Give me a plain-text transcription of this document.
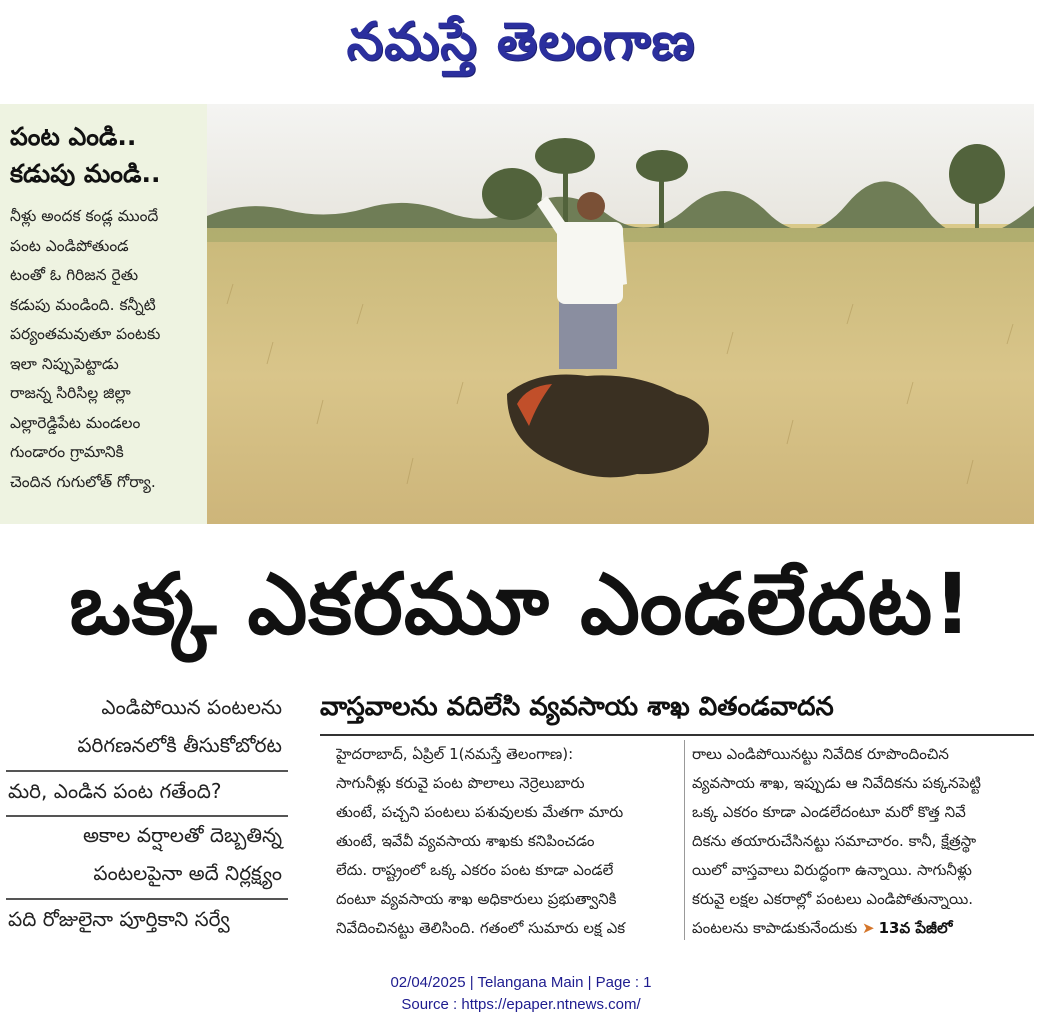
నమస్తే తెలంగాణ
పంట ఎండి..
కడుపు మండి..
నీళ్లు అందక కండ్ల ముందే
పంట ఎండిపోతుండ
టంతో ఓ గిరిజన రైతు
కడుపు మండింది. కన్నీటి
పర్యంతమవుతూ పంటకు
ఇలా నిప్పుపెట్టాడు
రాజన్న సిరిసిల్ల జిల్లా
ఎల్లారెడ్డిపేట మండలం
గుండారం గ్రామానికి
చెందిన గుగులోత్ గోర్యా.
ఒక్క ఎకరమూ ఎండలేదట!
ఎండిపోయిన పంటలను
పరిగణనలోకి తీసుకోబోరట
మరి, ఎండిన పంట గతేంది?
అకాల వర్షాలతో దెబ్బతిన్న
పంటలపైనా అదే నిర్లక్ష్యం
పది రోజులైనా పూర్తికాని సర్వే
వాస్తవాలను వదిలేసి వ్యవసాయ శాఖ వితండవాదన
హైదరాబాద్, ఏప్రిల్ 1(నమస్తే తెలంగాణ):
సాగునీళ్లు కరువై పంట పొలాలు నెర్రెలుబారు
తుంటే, పచ్చని పంటలు పశువులకు మేతగా మారు
తుంటే, ఇవేవీ వ్యవసాయ శాఖకు కనిపించడం
లేదు. రాష్ట్రంలో ఒక్క ఎకరం పంట కూడా ఎండలే
దంటూ వ్యవసాయ శాఖ అధికారులు ప్రభుత్వానికి
నివేదించినట్టు తెలిసింది. గతంలో సుమారు లక్ష ఎక
రాలు ఎండిపోయినట్టు నివేదిక రూపొందించిన
వ్యవసాయ శాఖ, ఇప్పుడు ఆ నివేదికను పక్కనపెట్టి
ఒక్క ఎకరం కూడా ఎండలేదంటూ మరో కొత్త నివే
దికను తయారుచేసినట్టు సమాచారం. కానీ, క్షేత్రస్థా
యిలో వాస్తవాలు విరుద్ధంగా ఉన్నాయి. సాగునీళ్లు
కరువై లక్షల ఎకరాల్లో పంటలు ఎండిపోతున్నాయి.
పంటలను కాపాడుకునేందుకు ➤ 13వ పేజీలో
02/04/2025 | Telangana Main | Page : 1
Source : https://epaper.ntnews.com/
